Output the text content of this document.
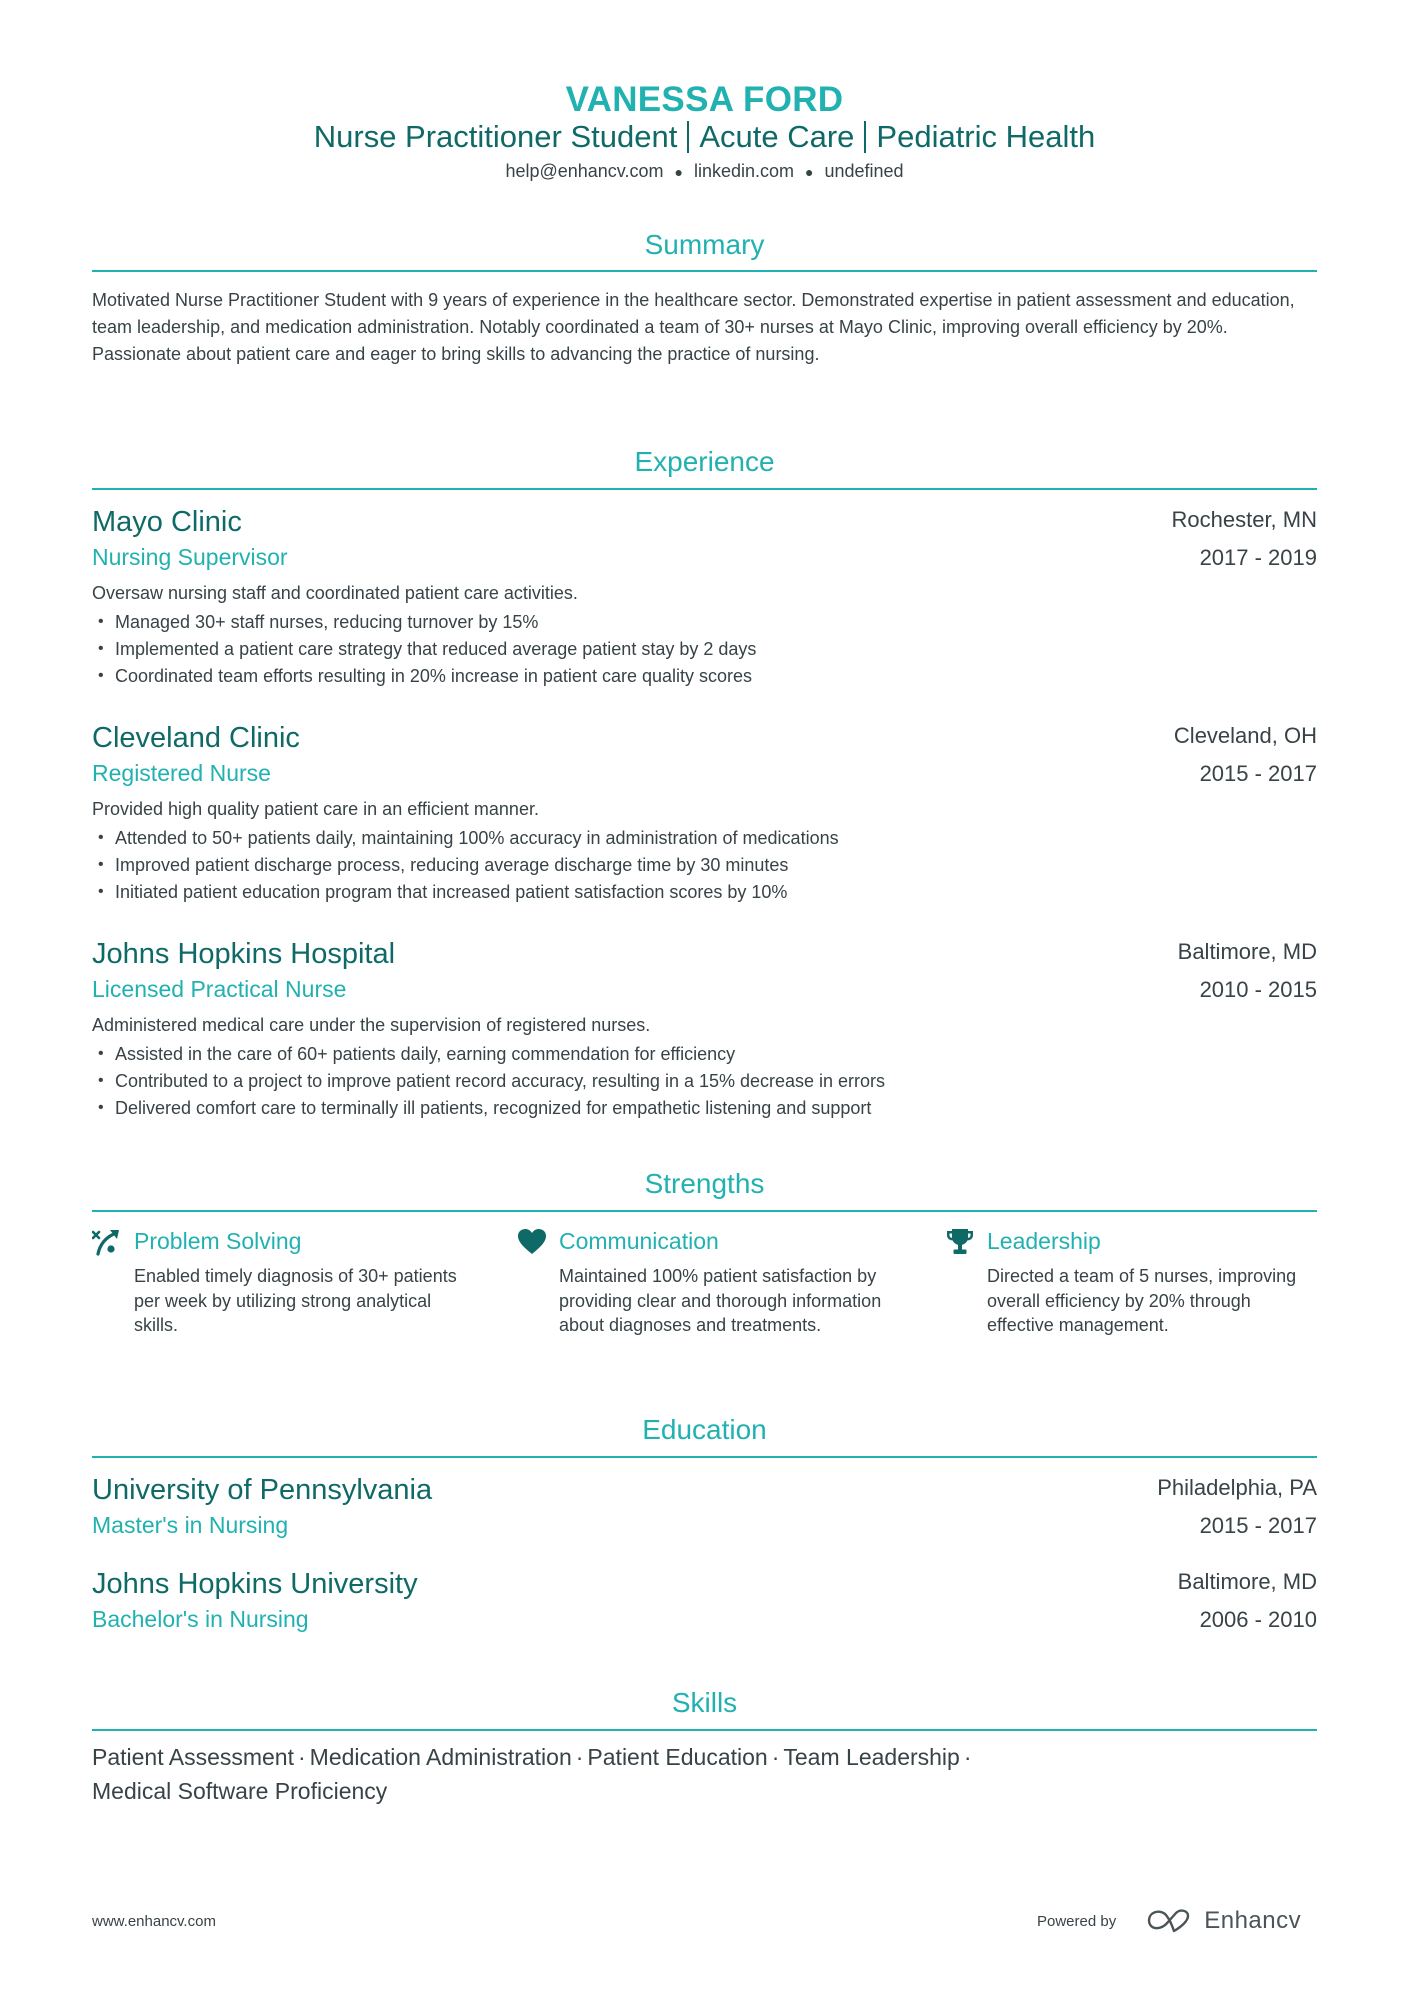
VANESSA FORD
Nurse Practitioner Student Acute Care Pediatric Health
help@enhancv.com ● linkedin.com ● undefined
Summary
Motivated Nurse Practitioner Student with 9 years of experience in the healthcare sector. Demonstrated expertise in patient assessment and education, team leadership, and medication administration. Notably coordinated a team of 30+ nurses at Mayo Clinic, improving overall efficiency by 20%. Passionate about patient care and eager to bring skills to advancing the practice of nursing.
Experience
Mayo Clinic
Nursing Supervisor
Rochester, MN
2017 - 2019
Oversaw nursing staff and coordinated patient care activities.
• Managed 30+ staff nurses, reducing turnover by 15%
• Implemented a patient care strategy that reduced average patient stay by 2 days
• Coordinated team efforts resulting in 20% increase in patient care quality scores
Cleveland Clinic
Registered Nurse
Cleveland, OH
2015 - 2017
Provided high quality patient care in an efficient manner.
• Attended to 50+ patients daily, maintaining 100% accuracy in administration of medications
• Improved patient discharge process, reducing average discharge time by 30 minutes
• Initiated patient education program that increased patient satisfaction scores by 10%
Johns Hopkins Hospital
Licensed Practical Nurse
Baltimore, MD
2010 - 2015
Administered medical care under the supervision of registered nurses.
• Assisted in the care of 60+ patients daily, earning commendation for efficiency
• Contributed to a project to improve patient record accuracy, resulting in a 15% decrease in errors
• Delivered comfort care to terminally ill patients, recognized for empathetic listening and support
Strengths
Problem Solving
Enabled timely diagnosis of 30+ patients per week by utilizing strong analytical skills.
Communication
Maintained 100% patient satisfaction by providing clear and thorough information about diagnoses and treatments.
Leadership
Directed a team of 5 nurses, improving overall efficiency by 20% through effective management.
Education
University of Pennsylvania
Master's in Nursing
Philadelphia, PA
2015 - 2017
Johns Hopkins University
Bachelor's in Nursing
Baltimore, MD
2006 - 2010
Skills
Patient Assessment · Medication Administration · Patient Education · Team Leadership ·
Medical Software Proficiency
www.enhancv.com	Powered by	Enhancv
